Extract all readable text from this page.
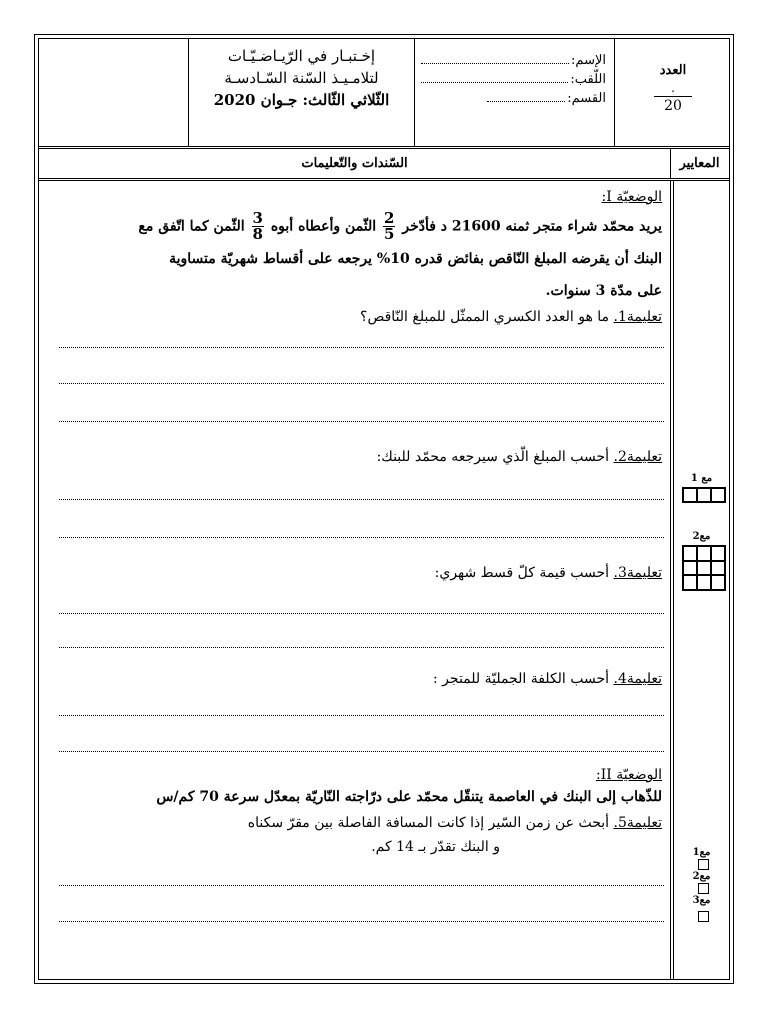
إخـتبـار في الرّيـاضـيّـات
لتلامـيـذ السّنة السّـادسـة
الثّلاثي الثّالث: جـوان 2020
الإسم:
اللّقب:
القسم:
العدد
.
20
السّندات والتّعليمات	المعايير
الوضعيّة I:
يريد محمّد شراء متجر ثمنه 21600 د فأدّخر
$\frac{2}{5}$
الثّمن وأعطاه أبوه
$\frac{3}{8}$
الثّمن كما اتّفق مع
البنك أن يقرضه المبلغ النّاقص بفائض قدره 10% يرجعه على أقساط شهريّة متساوية
على مدّة 3 سنوات.
تعليمة1. ما هو العدد الكسري الممثّل للمبلغ النّاقص؟
تعليمة2. أحسب المبلغ الّذي سيرجعه محمّد للبنك:
تعليمة3. أحسب قيمة كلّ قسط شهري:
تعليمة4. أحسب الكلفة الجمليّة للمتجر :
الوضعيّة II:
للذّهاب إلى البنك في العاصمة يتنقّل محمّد على درّاجته النّاريّة بمعدّل سرعة 70 كم/س
تعليمة5. أبحث عن زمن السّير إذا كانت المسافة الفاصلة بين مقرّ سكناه
و البنك تقدّر بـ 14 كم.
مع 1
مع2
مع1
مع2
مع3
